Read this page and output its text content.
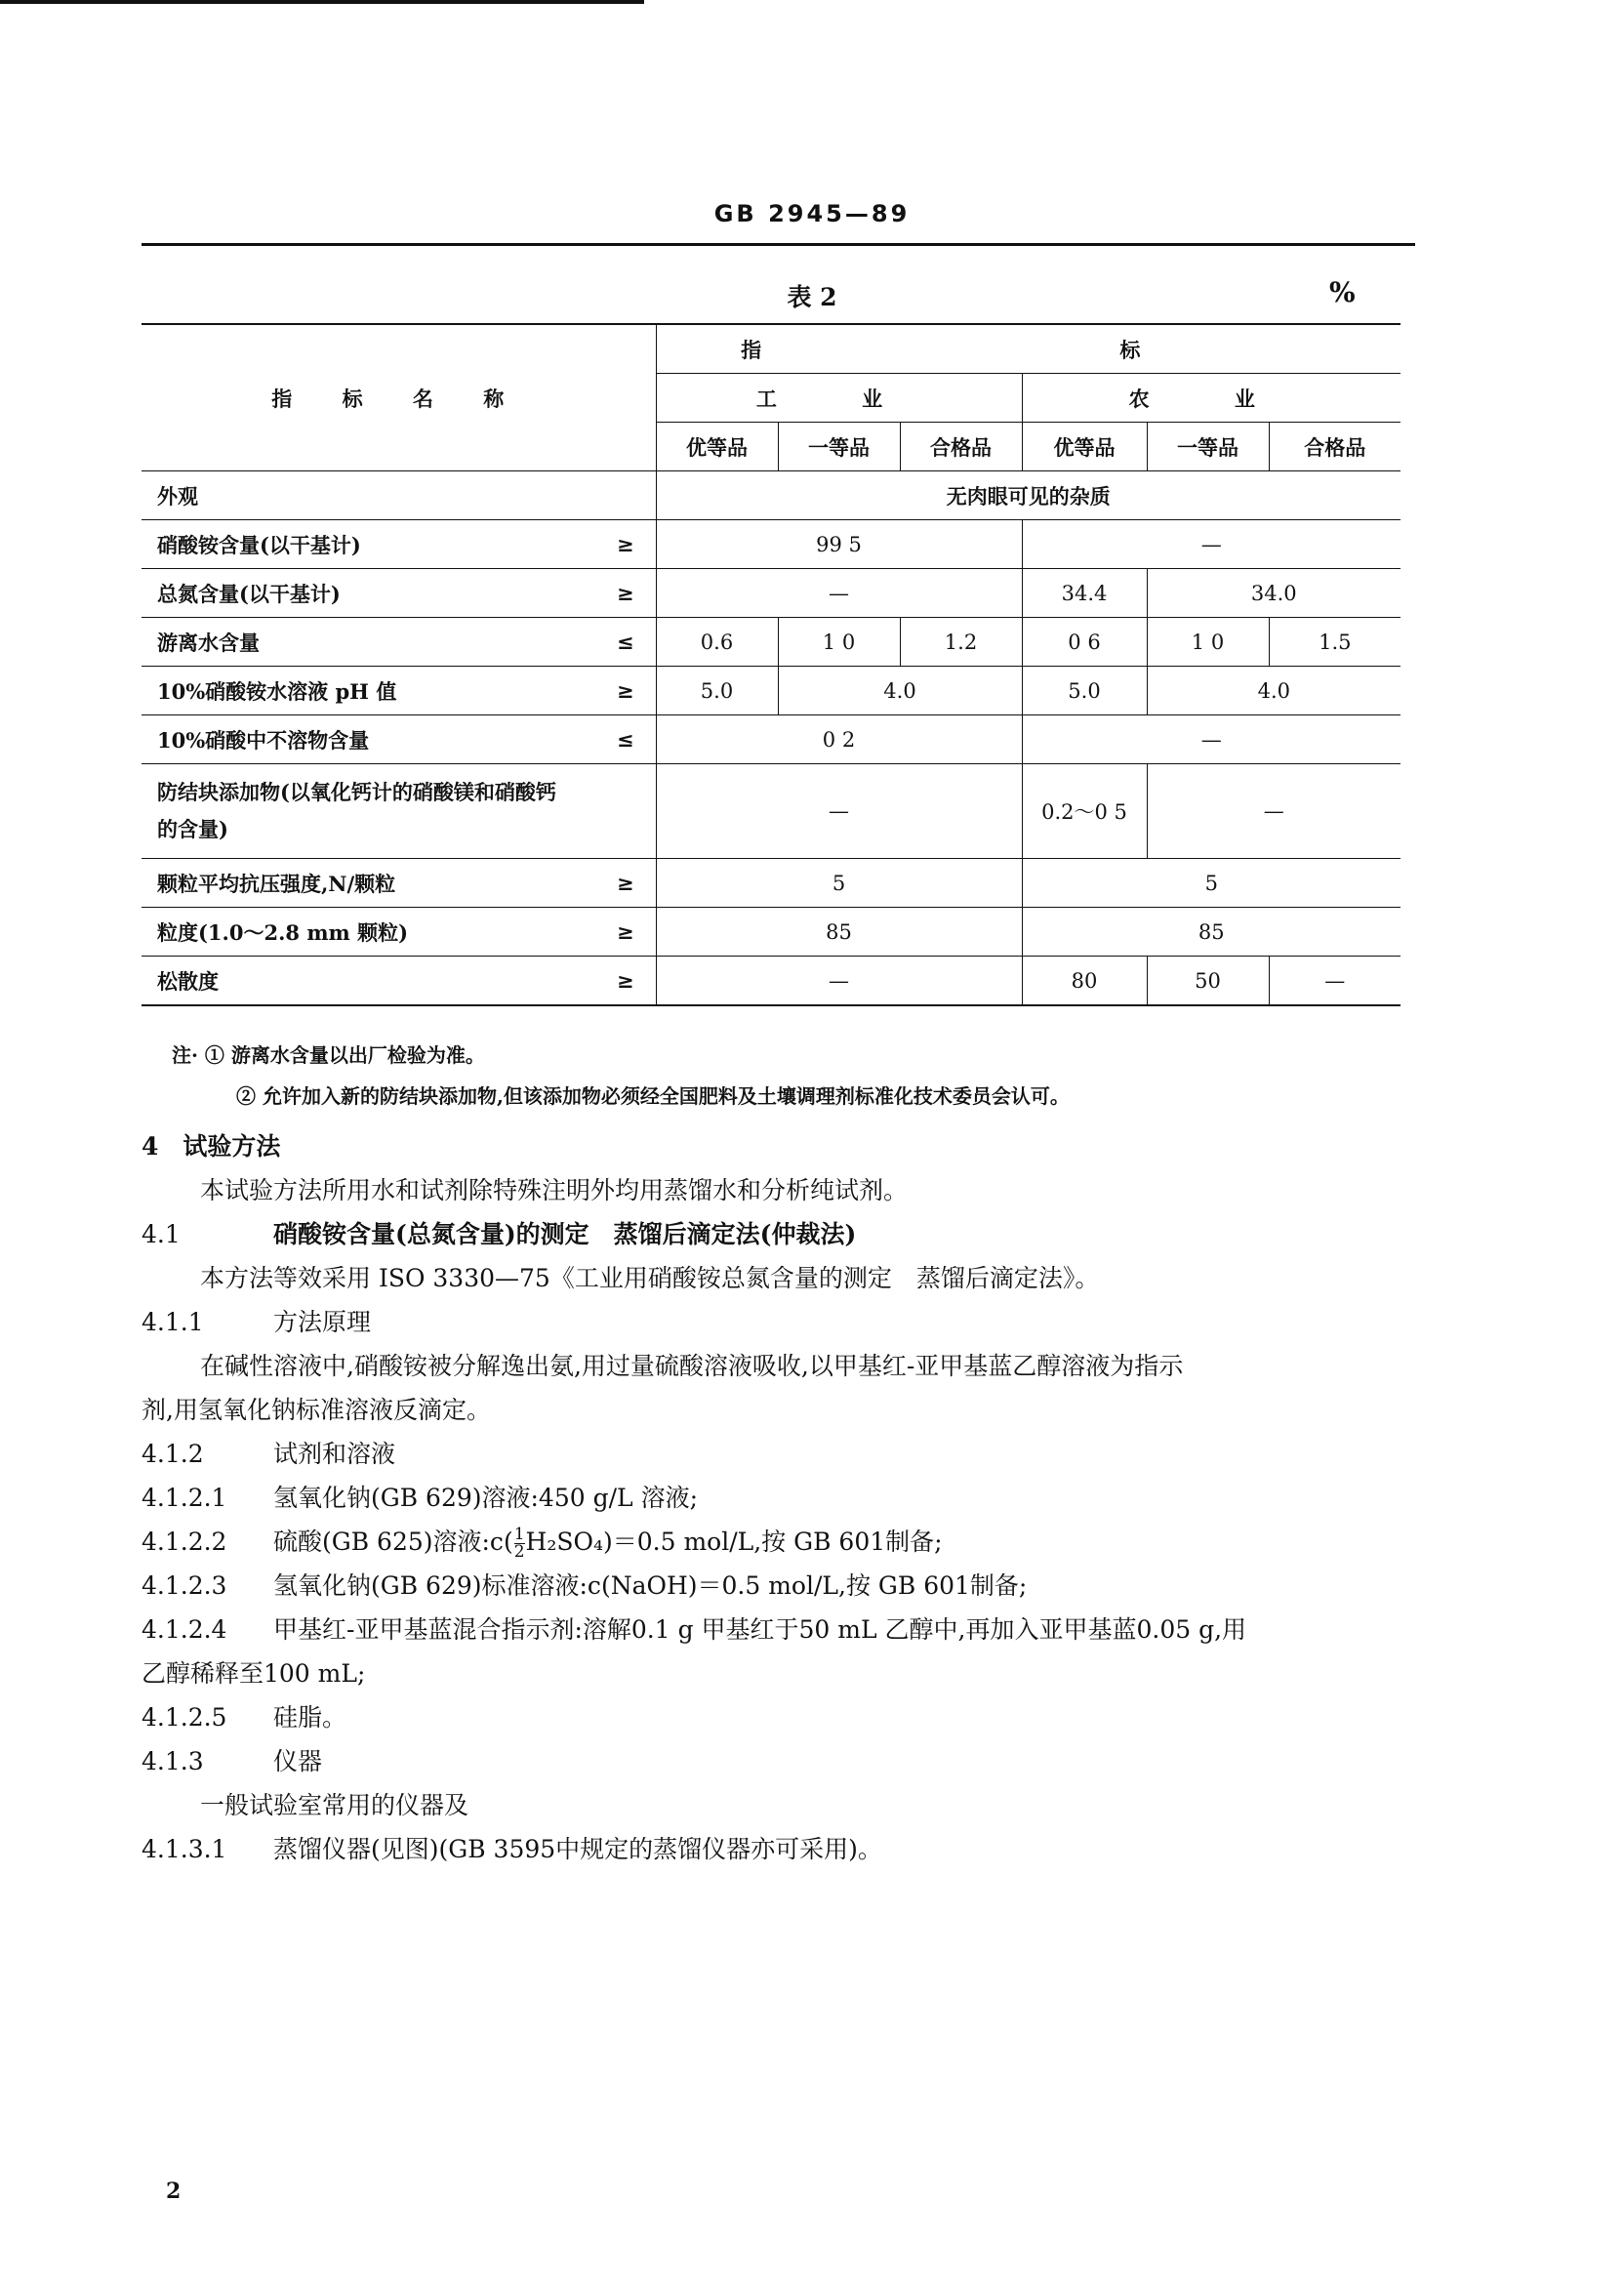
GB 2945—89
表 2	%
指 标 名 称		指 标					
		工 业			农 业		
		优等品	一等品	合格品	优等品	一等品	合格品
外观		无肉眼可见的杂质					
硝酸铵含量(以干基计)	≥	99 5			—		
总氮含量(以干基计)	≥	—			34.4	34.0	
游离水含量	≤	0.6	1 0	1.2	0 6	1 0	1.5
10%硝酸铵水溶液 pH 值	≥	5.0	4.0		5.0	4.0	
10%硝酸中不溶物含量	≤	0 2			—		
防结块添加物(以氧化钙计的硝酸镁和硝酸钙
的含量)		—			0.2～0 5	—	
颗粒平均抗压强度,N/颗粒	≥	5			5		
粒度(1.0～2.8 mm 颗粒)	≥	85			85		
松散度	≥	—			80	50	—
注· ① 游离水含量以出厂检验为准。
② 允许加入新的防结块添加物,但该添加物必须经全国肥料及土壤调理剂标准化技术委员会认可。

4　试验方法

本试验方法所用水和试剂除特殊注明外均用蒸馏水和分析纯试剂。

4.1	硝酸铵含量(总氮含量)的测定　蒸馏后滴定法(仲裁法)

本方法等效采用 ISO 3330—75《工业用硝酸铵总氮含量的测定　蒸馏后滴定法》。

4.1.1	方法原理

在碱性溶液中,硝酸铵被分解逸出氨,用过量硫酸溶液吸收,以甲基红-亚甲基蓝乙醇溶液为指示

剂,用氢氧化钠标准溶液反滴定。

4.1.2	试剂和溶液

4.1.2.1 氢氧化钠(GB 629)溶液:450 g/L 溶液;

4.1.2.2 硫酸(GB 625)溶液:c( $\frac{1}{2} H_2SO_4)=0.5$ mol/L,按 GB 601制备;

4.1.2.3 氢氧化钠(GB 629)标准溶液:c(NaOH)＝0.5 mol/L,按 GB 601制备;

4.1.2.4 甲基红-亚甲基蓝混合指示剂:溶解0.1 g 甲基红于50 mL 乙醇中,再加入亚甲基蓝0.05 g,用

乙醇稀释至100 mL;

4.1.2.5 硅脂。

4.1.3	仪器

一般试验室常用的仪器及

4.1.3.1 蒸馏仪器(见图)(GB 3595中规定的蒸馏仪器亦可采用)。

2
